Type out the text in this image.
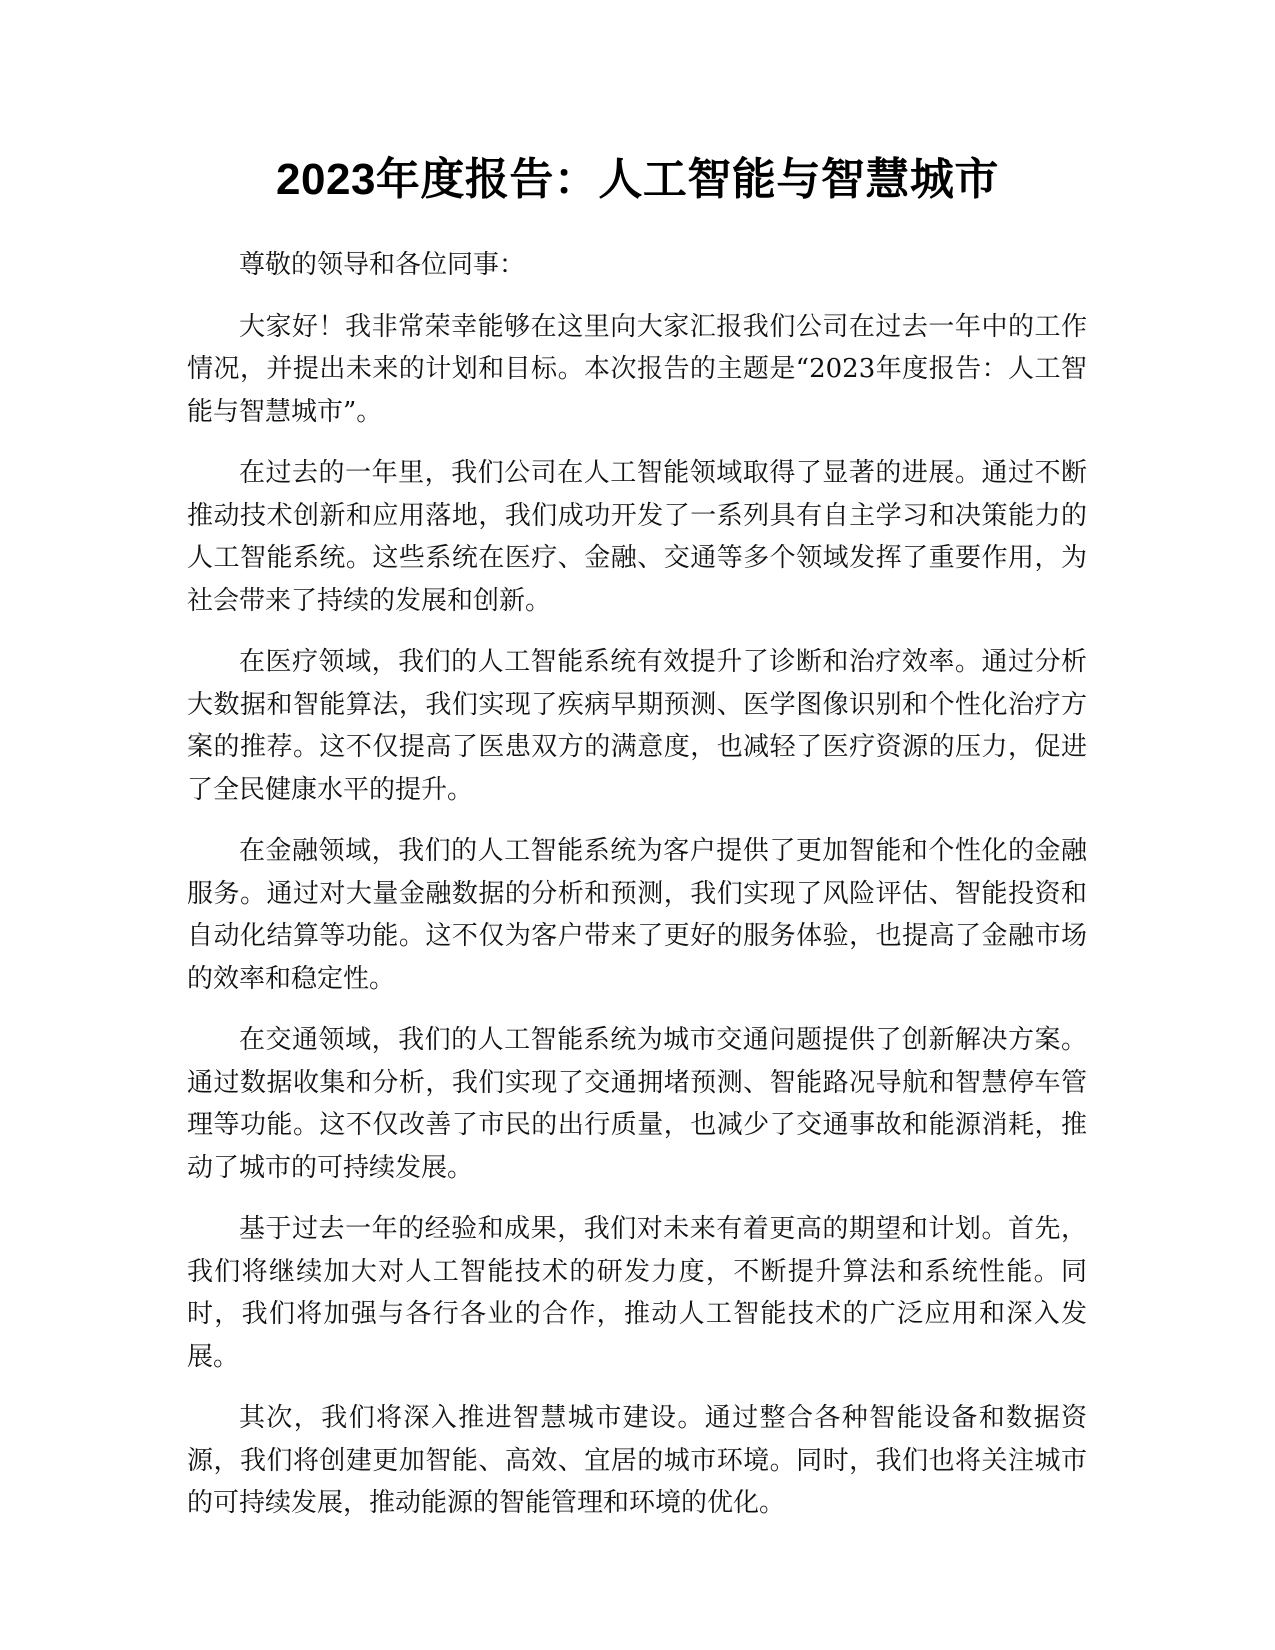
2023年度报告：人工智能与智慧城市

尊敬的领导和各位同事：

大家好！我非常荣幸能够在这里向大家汇报我们公司在过去一年中的工作情况，并提出未来的计划和目标。本次报告的主题是“2023年度报告：人工智能与智慧城市”。

在过去的一年里，我们公司在人工智能领域取得了显著的进展。通过不断推动技术创新和应用落地，我们成功开发了一系列具有自主学习和决策能力的人工智能系统。这些系统在医疗、金融、交通等多个领域发挥了重要作用，为社会带来了持续的发展和创新。

在医疗领域，我们的人工智能系统有效提升了诊断和治疗效率。通过分析大数据和智能算法，我们实现了疾病早期预测、医学图像识别和个性化治疗方案的推荐。这不仅提高了医患双方的满意度，也减轻了医疗资源的压力，促进了全民健康水平的提升。

在金融领域，我们的人工智能系统为客户提供了更加智能和个性化的金融服务。通过对大量金融数据的分析和预测，我们实现了风险评估、智能投资和自动化结算等功能。这不仅为客户带来了更好的服务体验，也提高了金融市场的效率和稳定性。

在交通领域，我们的人工智能系统为城市交通问题提供了创新解决方案。通过数据收集和分析，我们实现了交通拥堵预测、智能路况导航和智慧停车管理等功能。这不仅改善了市民的出行质量，也减少了交通事故和能源消耗，推动了城市的可持续发展。

基于过去一年的经验和成果，我们对未来有着更高的期望和计划。首先，我们将继续加大对人工智能技术的研发力度，不断提升算法和系统性能。同时，我们将加强与各行各业的合作，推动人工智能技术的广泛应用和深入发展。

其次，我们将深入推进智慧城市建设。通过整合各种智能设备和数据资源，我们将创建更加智能、高效、宜居的城市环境。同时，我们也将关注城市的可持续发展，推动能源的智能管理和环境的优化。
